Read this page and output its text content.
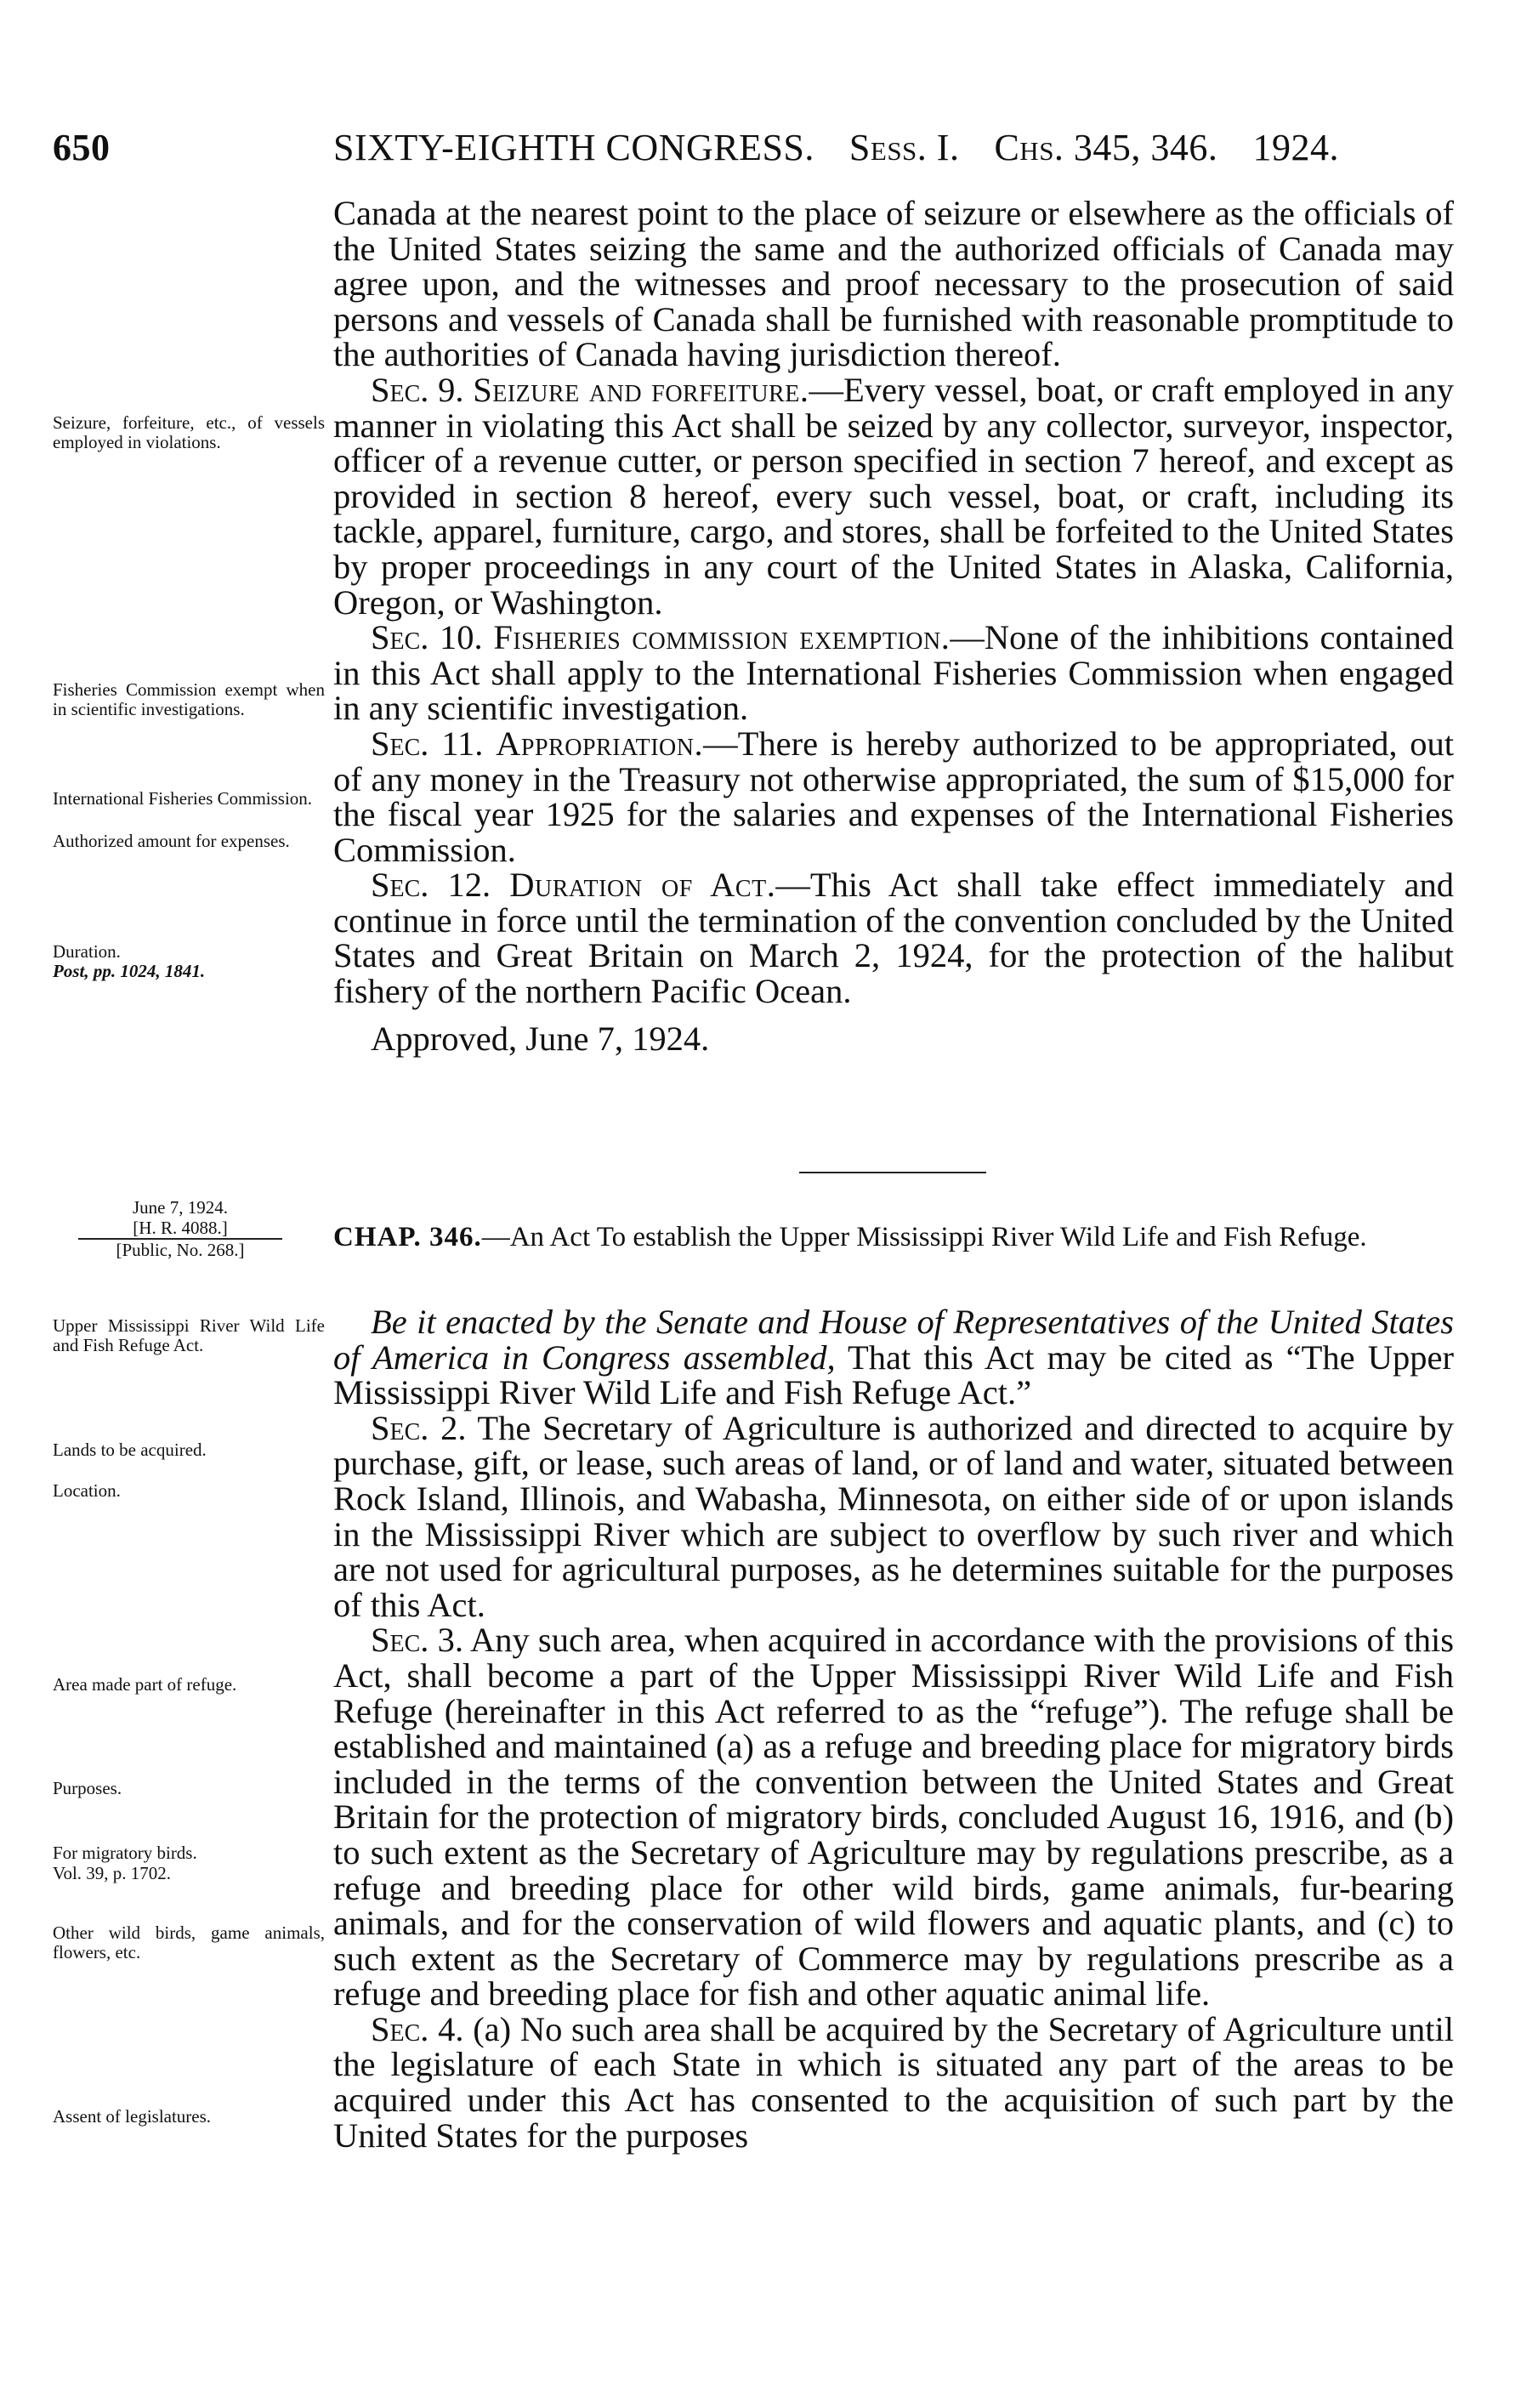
650	SIXTY-EIGHTH CONGRESS. Sess. I. Chs. 345, 346. 1924.

Canada at the nearest point to the place of seizure or elsewhere as the officials of the United States seizing the same and the authorized officials of Canada may agree upon, and the witnesses and proof necessary to the prosecution of said persons and vessels of Canada shall be furnished with reasonable promptitude to the authorities of Canada having jurisdiction thereof.

Sec. 9. Seizure and forfeiture.—Every vessel, boat, or craft employed in any manner in violating this Act shall be seized by any collector, surveyor, inspector, officer of a revenue cutter, or person specified in section 7 hereof, and except as provided in section 8 hereof, every such vessel, boat, or craft, including its tackle, apparel, furniture, cargo, and stores, shall be forfeited to the United States by proper proceedings in any court of the United States in Alaska, California, Oregon, or Washington.

Sec. 10. Fisheries commission exemption.—None of the inhibitions contained in this Act shall apply to the International Fisheries Commission when engaged in any scientific investigation.

Sec. 11. Appropriation.—There is hereby authorized to be appropriated, out of any money in the Treasury not otherwise appropriated, the sum of $15,000 for the fiscal year 1925 for the salaries and expenses of the International Fisheries Commission.

Sec. 12. Duration of Act.—This Act shall take effect immediately and continue in force until the termination of the convention concluded by the United States and Great Britain on March 2, 1924, for the protection of the halibut fishery of the northern Pacific Ocean.

Approved, June 7, 1924.

June 7, 1924.
[H. R. 4088.]
[Public, No. 268.]	CHAP. 346.—An Act To establish the Upper Mississippi River Wild Life and Fish Refuge.

Be it enacted by the Senate and House of Representatives of the United States of America in Congress assembled, That this Act may be cited as “The Upper Mississippi River Wild Life and Fish Refuge Act.”

Sec. 2. The Secretary of Agriculture is authorized and directed to acquire by purchase, gift, or lease, such areas of land, or of land and water, situated between Rock Island, Illinois, and Wabasha, Minnesota, on either side of or upon islands in the Mississippi River which are subject to overflow by such river and which are not used for agricultural purposes, as he determines suitable for the purposes of this Act.

Sec. 3. Any such area, when acquired in accordance with the provisions of this Act, shall become a part of the Upper Mississippi River Wild Life and Fish Refuge (hereinafter in this Act referred to as the “refuge”). The refuge shall be established and maintained (a) as a refuge and breeding place for migratory birds included in the terms of the convention between the United States and Great Britain for the protection of migratory birds, concluded August 16, 1916, and (b) to such extent as the Secretary of Agriculture may by regulations prescribe, as a refuge and breeding place for other wild birds, game animals, fur-bearing animals, and for the conservation of wild flowers and aquatic plants, and (c) to such extent as the Secretary of Commerce may by regulations prescribe as a refuge and breeding place for fish and other aquatic animal life.

Sec. 4. (a) No such area shall be acquired by the Secretary of Agriculture until the legislature of each State in which is situated any part of the areas to be acquired under this Act has consented to the acquisition of such part by the United States for the purposes

Seizure, forfeiture, etc., of vessels employed in violations.
Fisheries Commission exempt when in scientific investigations.
International Fisheries Commission.
Authorized amount for expenses.
Duration.
Post, pp. 1024, 1841.
Upper Mississippi River Wild Life and Fish Refuge Act.
Lands to be acquired.
Location.
Area made part of refuge.
Purposes.
For migratory birds.
Vol. 39, p. 1702.
Other wild birds, game animals, flowers, etc.
Assent of legislatures.
